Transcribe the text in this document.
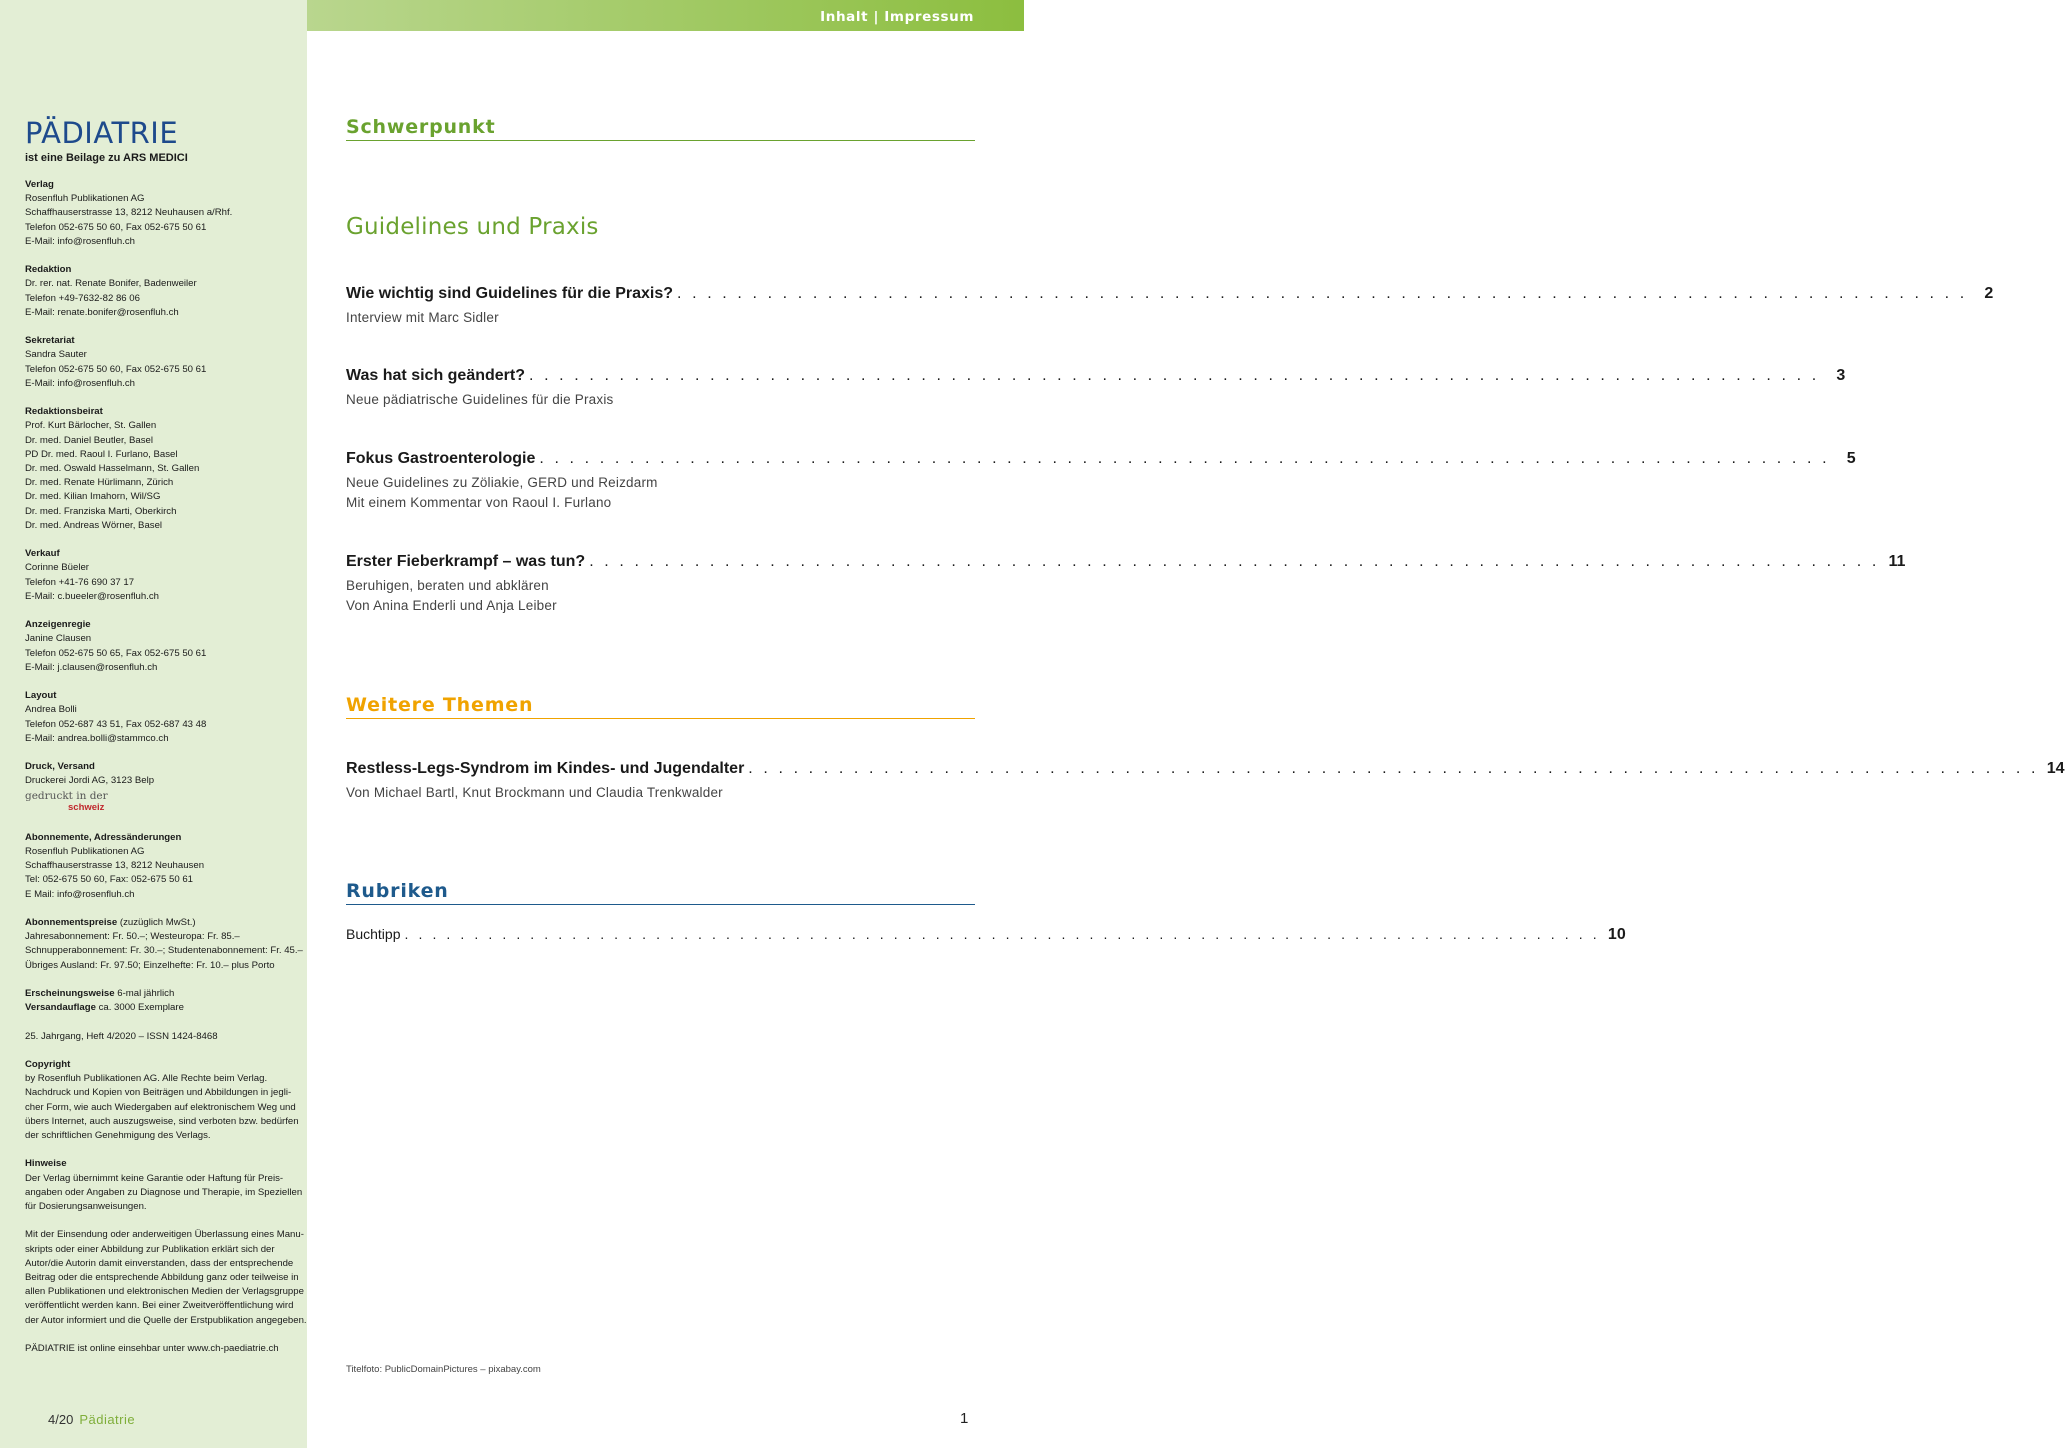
Inhalt | Impressum
PÄDIATRIE
ist eine Beilage zu ARS MEDICI
Verlag
Rosenfluh Publikationen AG
Schaffhauserstrasse 13, 8212 Neuhausen a/Rhf.
Telefon 052-675 50 60, Fax 052-675 50 61
E-Mail: info@rosenfluh.ch
Redaktion
Dr. rer. nat. Renate Bonifer, Badenweiler
Telefon +49-7632-82 86 06
E-Mail: renate.bonifer@rosenfluh.ch
Sekretariat
Sandra Sauter
Telefon 052-675 50 60, Fax 052-675 50 61
E-Mail: info@rosenfluh.ch
Redaktionsbeirat
Prof. Kurt Bärlocher, St. Gallen
Dr. med. Daniel Beutler, Basel
PD Dr. med. Raoul I. Furlano, Basel
Dr. med. Oswald Hasselmann, St. Gallen
Dr. med. Renate Hürlimann, Zürich
Dr. med. Kilian Imahorn, Wil/SG
Dr. med. Franziska Marti, Oberkirch
Dr. med. Andreas Wörner, Basel
Verkauf
Corinne Büeler
Telefon +41-76 690 37 17
E-Mail: c.bueeler@rosenfluh.ch
Anzeigenregie
Janine Clausen
Telefon 052-675 50 65, Fax 052-675 50 61
E-Mail: j.clausen@rosenfluh.ch
Layout
Andrea Bolli
Telefon 052-687 43 51, Fax 052-687 43 48
E-Mail: andrea.bolli@stammco.ch
Druck, Versand
Druckerei Jordi AG, 3123 Belp
gedruckt in der
schweiz
Abonnemente, Adressänderungen
Rosenfluh Publikationen AG
Schaffhauserstrasse 13, 8212 Neuhausen
Tel: 052-675 50 60, Fax: 052-675 50 61
E Mail: info@rosenfluh.ch
Abonnementspreise (zuzüglich MwSt.)
Jahresabonnement: Fr. 50.–; Westeuropa: Fr. 85.–
Schnupperabonnement: Fr. 30.–; Studentenabonnement: Fr. 45.–
Übriges Ausland: Fr. 97.50; Einzelhefte: Fr. 10.– plus Porto
Erscheinungsweise 6-mal jährlich
Versandauflage ca. 3000 Exemplare
25. Jahrgang, Heft 4/2020 – ISSN 1424-8468
Copyright
by Rosenfluh Publikationen AG. Alle Rechte beim Verlag.
Nachdruck und Kopien von Beiträgen und Abbildungen in jegli-
cher Form, wie auch Wiedergaben auf elektronischem Weg und
übers Internet, auch auszugsweise, sind verboten bzw. bedürfen
der schriftlichen Genehmigung des Verlags.
Hinweise
Der Verlag übernimmt keine Garantie oder Haftung für Preis-
angaben oder Angaben zu Diagnose und Therapie, im Speziellen
für Dosierungsanweisungen.
Mit der Einsendung oder anderweitigen Überlassung eines Manu-
skripts oder einer Abbildung zur Publikation erklärt sich der
Autor/die Autorin damit einverstanden, dass der entsprechende
Beitrag oder die entsprechende Abbildung ganz oder teilweise in
allen Publikationen und elektronischen Medien der Verlagsgruppe
veröffentlicht werden kann. Bei einer Zweitveröffentlichung wird
der Autor informiert und die Quelle der Erstpublikation angegeben.
PÄDIATRIE ist online einsehbar unter www.ch-paediatrie.ch
4/20 Pädiatrie
Schwerpunkt
Guidelines und Praxis
Wie wichtig sind Guidelines für die Praxis? . . . . . . . . . . . . . . . . . . . . . . . . . . . . . . . . . . . . . . . . . . . . . . . . . . . . . . . . . . . . . . . . . . . . . . . . . . . . . . . . . . . . . .	2
Interview mit Marc Sidler
Was hat sich geändert? . . . . . . . . . . . . . . . . . . . . . . . . . . . . . . . . . . . . . . . . . . . . . . . . . . . . . . . . . . . . . . . . . . . . . . . . . . . . . . . . . . . . . .	3
Neue pädiatrische Guidelines für die Praxis
Fokus Gastroenterologie . . . . . . . . . . . . . . . . . . . . . . . . . . . . . . . . . . . . . . . . . . . . . . . . . . . . . . . . . . . . . . . . . . . . . . . . . . . . . . . . . . . . . .	5
Neue Guidelines zu Zöliakie, GERD und Reizdarm
Mit einem Kommentar von Raoul I. Furlano
Erster Fieberkrampf – was tun? . . . . . . . . . . . . . . . . . . . . . . . . . . . . . . . . . . . . . . . . . . . . . . . . . . . . . . . . . . . . . . . . . . . . . . . . . . . . . . . . . . . . . . 11
Beruhigen, beraten und abklären
Von Anina Enderli und Anja Leiber
Weitere Themen
Restless-Legs-Syndrom im Kindes- und Jugendalter . . . . . . . . . . . . . . . . . . . . . . . . . . . . . . . . . . . . . . . . . . . . . . . . . . . . . . . . . . . . . . . . . . . . . . . . . . . . . . . . . . . . . . 14
Von Michael Bartl, Knut Brockmann und Claudia Trenkwalder
Rubriken
Buchtipp . . . . . . . . . . . . . . . . . . . . . . . . . . . . . . . . . . . . . . . . . . . . . . . . . . . . . . . . . . . . . . . . . . . . . . . . . . . . . . . . . . . . . . 10
Titelfoto: PublicDomainPictures – pixabay.com
1
